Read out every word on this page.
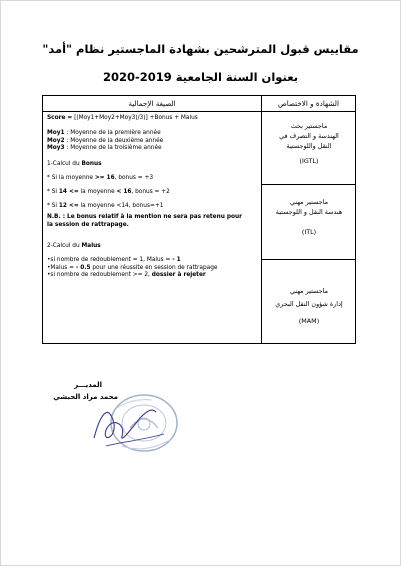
مقاييس قبول المترشحين بشهادة الماجستير نظام "أمد"
بعنوان السنة الجامعية 2019-2020
الصيغة الإجمالية	الشهادة و الاختصاص

Score = [(Moy1+Moy2+Moy3)/3)] +Bonus + Malus

Moy1 : Moyenne de la première année

Moy2 : Moyenne de la deuxième année

Moy3 : Moyenne de la troisième année

1-Calcul du Bonus

* Si la moyenne >= 16, bonus = +3

* Si 14 <= la moyenne < 16, bonus = +2

* Si 12 <= la moyenne <14, bonus=+1

N.B. : Le bonus relatif à la mention ne sera pas retenu pour

la session de rattrapage.

2-Calcul du Malus

•si nombre de redoublement = 1, Malus = - 1

•Malus = - 0.5 pour une réussite en session de rattrapage

•si nombre de redoublement >= 2, dossier à rejeter

ماجستير بحث
الهندسة و التصرف في
النقل واللوجستية
(IGTL)
ماجستير مهني
هندسة النقل و اللوجستية
(ITL)
ماجستير مهني
إدارة شؤون النقل البحري
(MAM)
المديـــر
محمد مراد الحبشي
